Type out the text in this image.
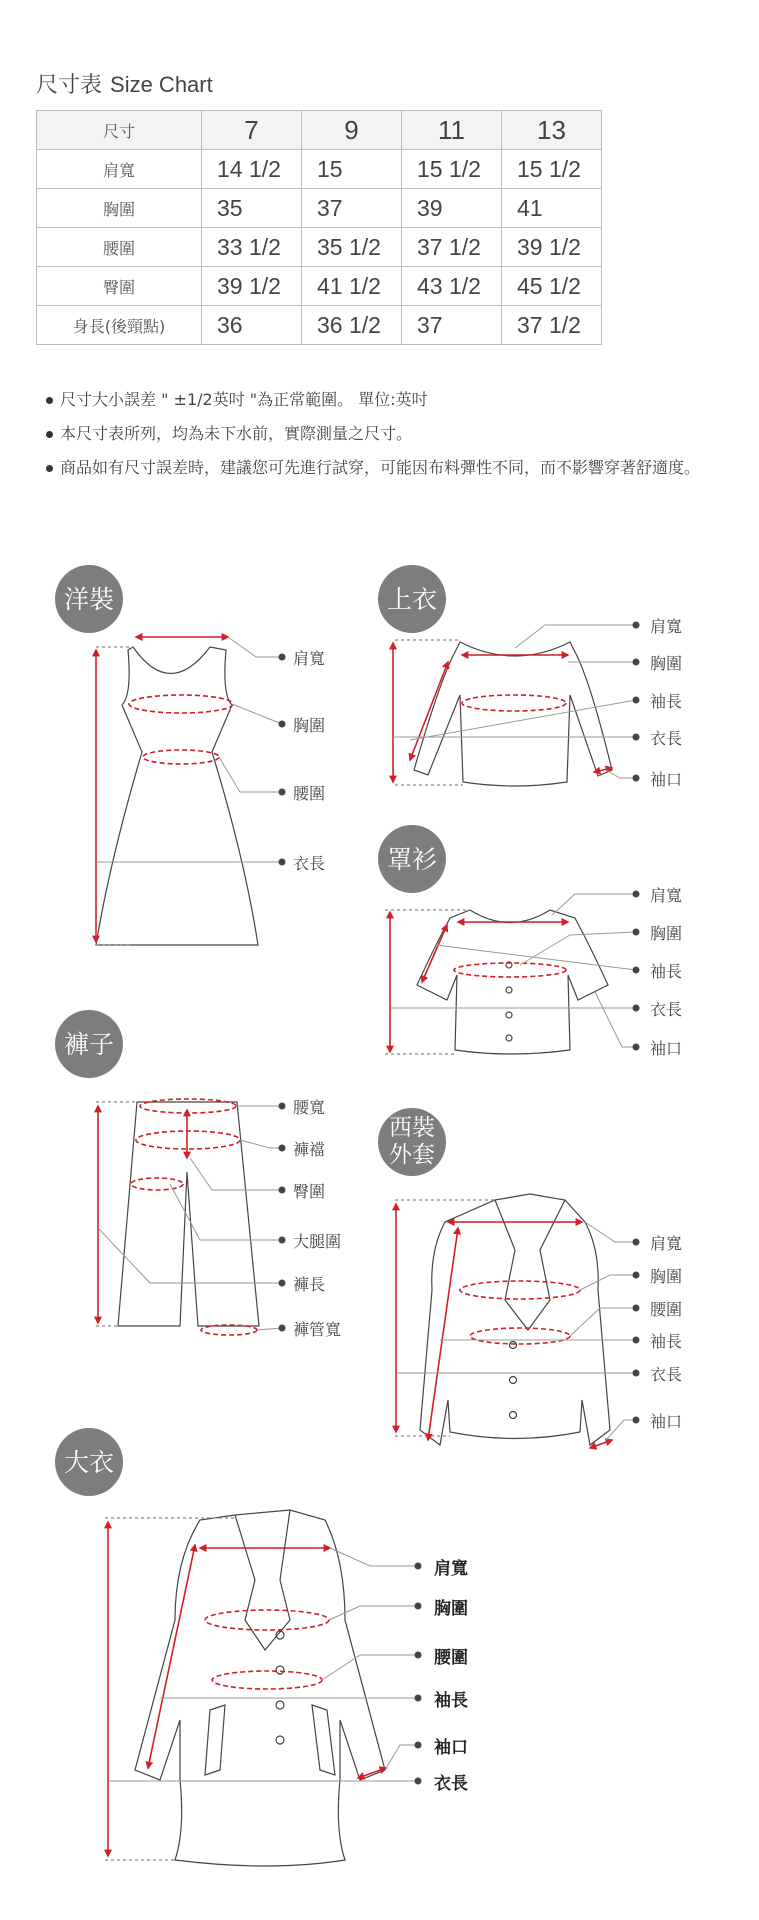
尺寸表 Size Chart
尺寸	7	9	11	13
肩寬	14 1/2	15	15 1/2	15 1/2
胸圍	35	37	39	41
腰圍	33 1/2	35 1/2	37 1/2	39 1/2
臀圍	39 1/2	41 1/2	43 1/2	45 1/2
身長(後頸點)	36	36 1/2	37	37 1/2
尺寸大小誤差 " ±1/2英吋 "為正常範圍。 單位:英吋
本尺寸表所列，均為未下水前，實際測量之尺寸。
商品如有尺寸誤差時，建議您可先進行試穿，可能因布料彈性不同，而不影響穿著舒適度。
洋裝	上衣
罩衫
褲子
西裝
外套
大衣
肩寬
胸圍
腰圍
衣長
肩寬
胸圍
袖長
衣長
袖口
肩寬
胸圍
袖長
衣長
袖口
腰寬
褲襠
臀圍
大腿圍
褲長
褲管寬
肩寬
胸圍
腰圍
袖長
衣長
袖口
肩寬
胸圍
腰圍
袖長
袖口
衣長
